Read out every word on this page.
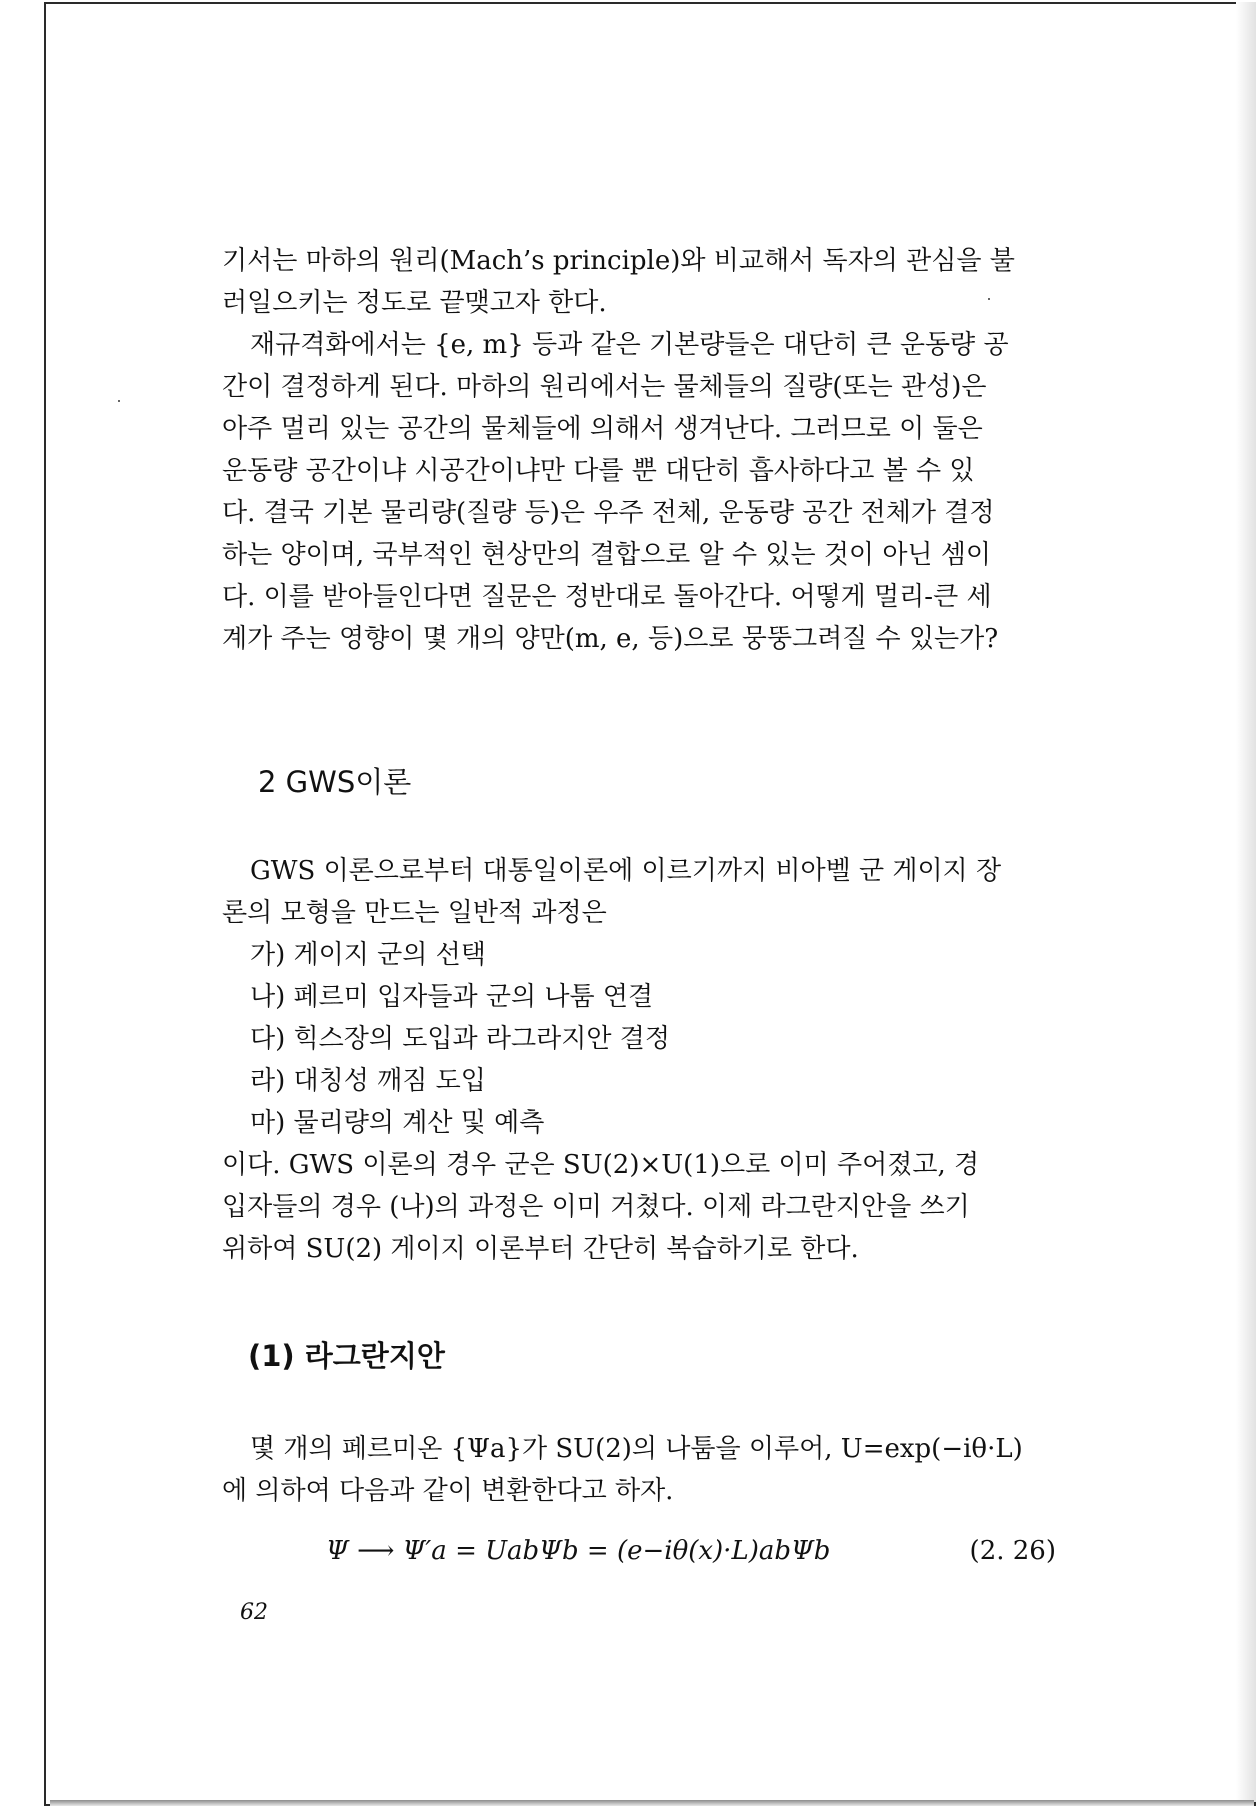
기서는 마하의 원리(Mach’s principle)와 비교해서 독자의 관심을 불

러일으키는 정도로 끝맺고자 한다.

재규격화에서는 {e, m} 등과 같은 기본량들은 대단히 큰 운동량 공

간이 결정하게 된다. 마하의 원리에서는 물체들의 질량(또는 관성)은

아주 멀리 있는 공간의 물체들에 의해서 생겨난다. 그러므로 이 둘은

운동량 공간이냐 시공간이냐만 다를 뿐 대단히 흡사하다고 볼 수 있

다. 결국 기본 물리량(질량 등)은 우주 전체, 운동량 공간 전체가 결정

하는 양이며, 국부적인 현상만의 결합으로 알 수 있는 것이 아닌 셈이

다. 이를 받아들인다면 질문은 정반대로 돌아간다. 어떻게 멀리-큰 세

계가 주는 영향이 몇 개의 양만(m, e, 등)으로 뭉뚱그려질 수 있는가?

2 GWS이론

GWS 이론으로부터 대통일이론에 이르기까지 비아벨 군 게이지 장

론의 모형을 만드는 일반적 과정은

가) 게이지 군의 선택

나) 페르미 입자들과 군의 나툼 연결

다) 힉스장의 도입과 라그라지안 결정

라) 대칭성 깨짐 도입

마) 물리량의 계산 및 예측

이다. GWS 이론의 경우 군은 SU(2)×U(1)으로 이미 주어졌고, 경

입자들의 경우 (나)의 과정은 이미 거쳤다. 이제 라그란지안을 쓰기

위하여 SU(2) 게이지 이론부터 간단히 복습하기로 한다.

(1) 라그란지안

몇 개의 페르미온 {Ψa}가 SU(2)의 나툼을 이루어, U=exp(−iθ·L)

에 의하여 다음과 같이 변환한다고 하자.

Ψ ⟶ Ψ′a = UabΨb = (e−iθ(x)·L)abΨb	(2. 26)
62
